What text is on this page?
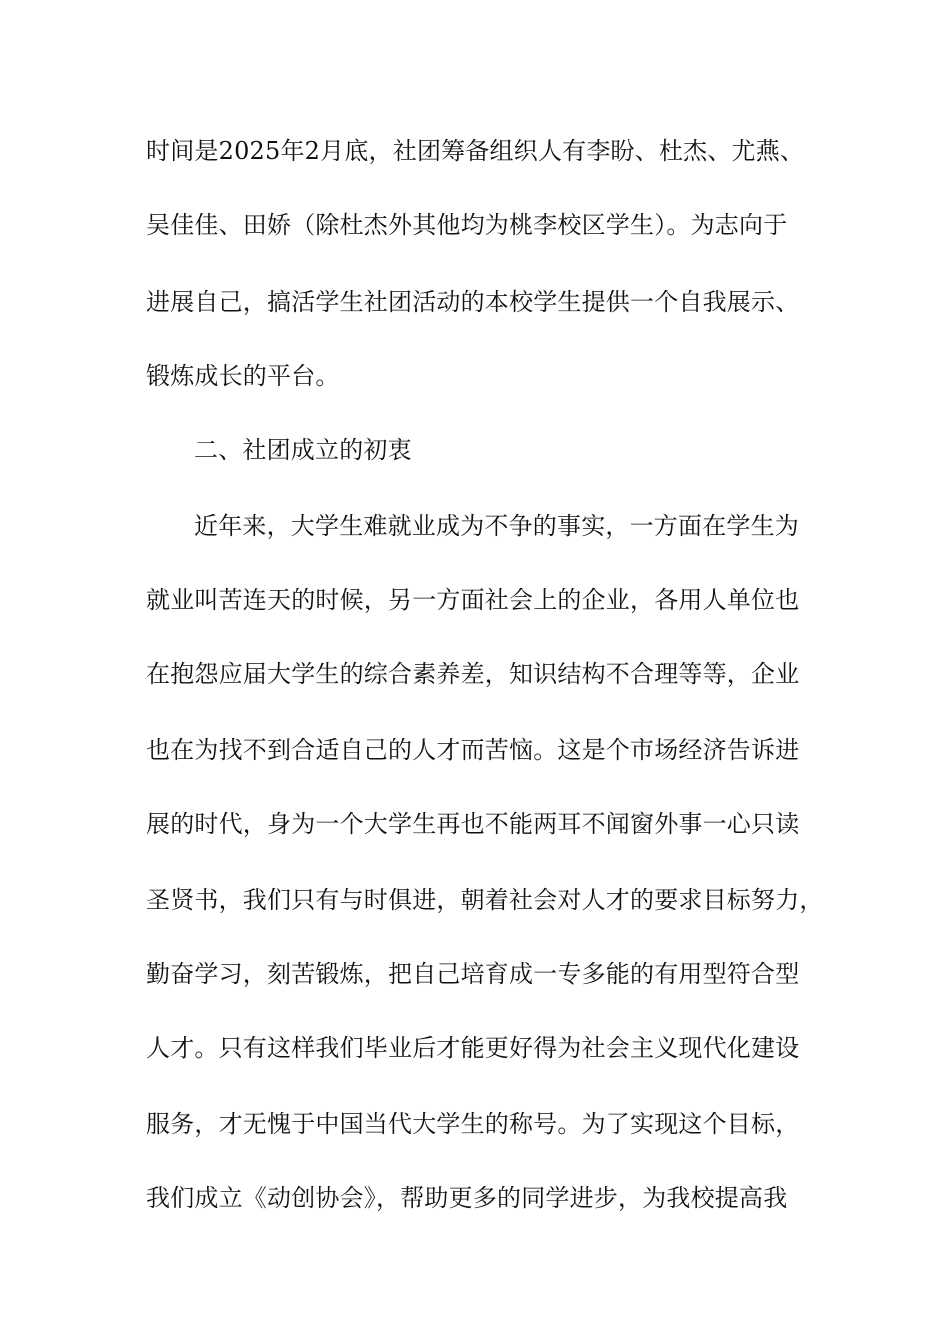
时间是2025年2月底，社团筹备组织人有李盼、杜杰、尤燕、
吴佳佳、田娇（除杜杰外其他均为桃李校区学生）。为志向于
进展自己，搞活学生社团活动的本校学生提供一个自我展示、
锻炼成长的平台。
二、社团成立的初衷
近年来，大学生难就业成为不争的事实，一方面在学生为
就业叫苦连天的时候，另一方面社会上的企业，各用人单位也
在抱怨应届大学生的综合素养差，知识结构不合理等等，企业
也在为找不到合适自己的人才而苦恼。这是个市场经济告诉进
展的时代，身为一个大学生再也不能两耳不闻窗外事一心只读
圣贤书，我们只有与时俱进，朝着社会对人才的要求目标努力，
勤奋学习，刻苦锻炼，把自己培育成一专多能的有用型符合型
人才。只有这样我们毕业后才能更好得为社会主义现代化建设
服务，才无愧于中国当代大学生的称号。为了实现这个目标，
我们成立《动创协会》，帮助更多的同学进步，为我校提高我
